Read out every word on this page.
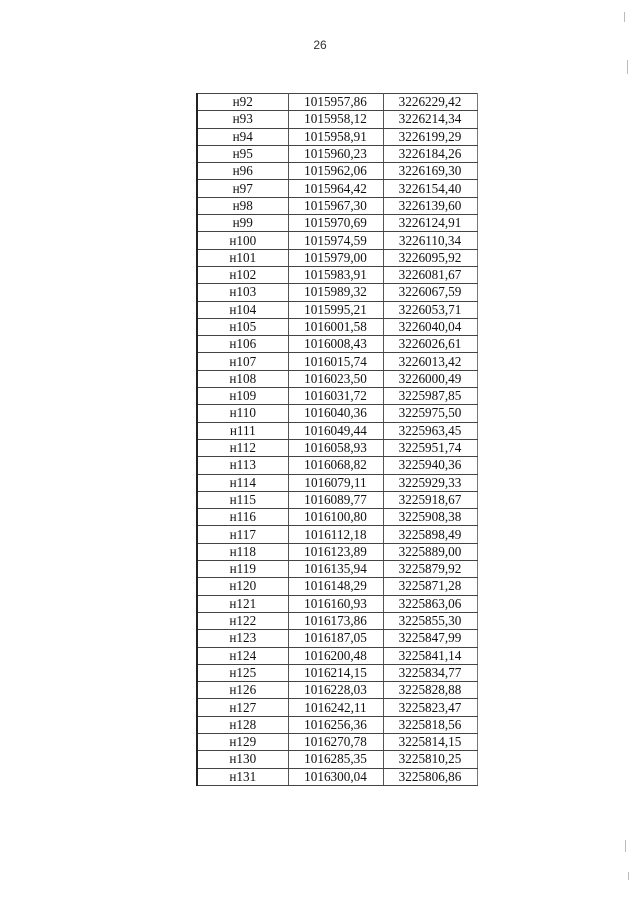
26
н92	1015957,86	3226229,42
н93	1015958,12	3226214,34
н94	1015958,91	3226199,29
н95	1015960,23	3226184,26
н96	1015962,06	3226169,30
н97	1015964,42	3226154,40
н98	1015967,30	3226139,60
н99	1015970,69	3226124,91
н100	1015974,59	3226110,34
н101	1015979,00	3226095,92
н102	1015983,91	3226081,67
н103	1015989,32	3226067,59
н104	1015995,21	3226053,71
н105	1016001,58	3226040,04
н106	1016008,43	3226026,61
н107	1016015,74	3226013,42
н108	1016023,50	3226000,49
н109	1016031,72	3225987,85
н110	1016040,36	3225975,50
н111	1016049,44	3225963,45
н112	1016058,93	3225951,74
н113	1016068,82	3225940,36
н114	1016079,11	3225929,33
н115	1016089,77	3225918,67
н116	1016100,80	3225908,38
н117	1016112,18	3225898,49
н118	1016123,89	3225889,00
н119	1016135,94	3225879,92
н120	1016148,29	3225871,28
н121	1016160,93	3225863,06
н122	1016173,86	3225855,30
н123	1016187,05	3225847,99
н124	1016200,48	3225841,14
н125	1016214,15	3225834,77
н126	1016228,03	3225828,88
н127	1016242,11	3225823,47
н128	1016256,36	3225818,56
н129	1016270,78	3225814,15
н130	1016285,35	3225810,25
н131	1016300,04	3225806,86
